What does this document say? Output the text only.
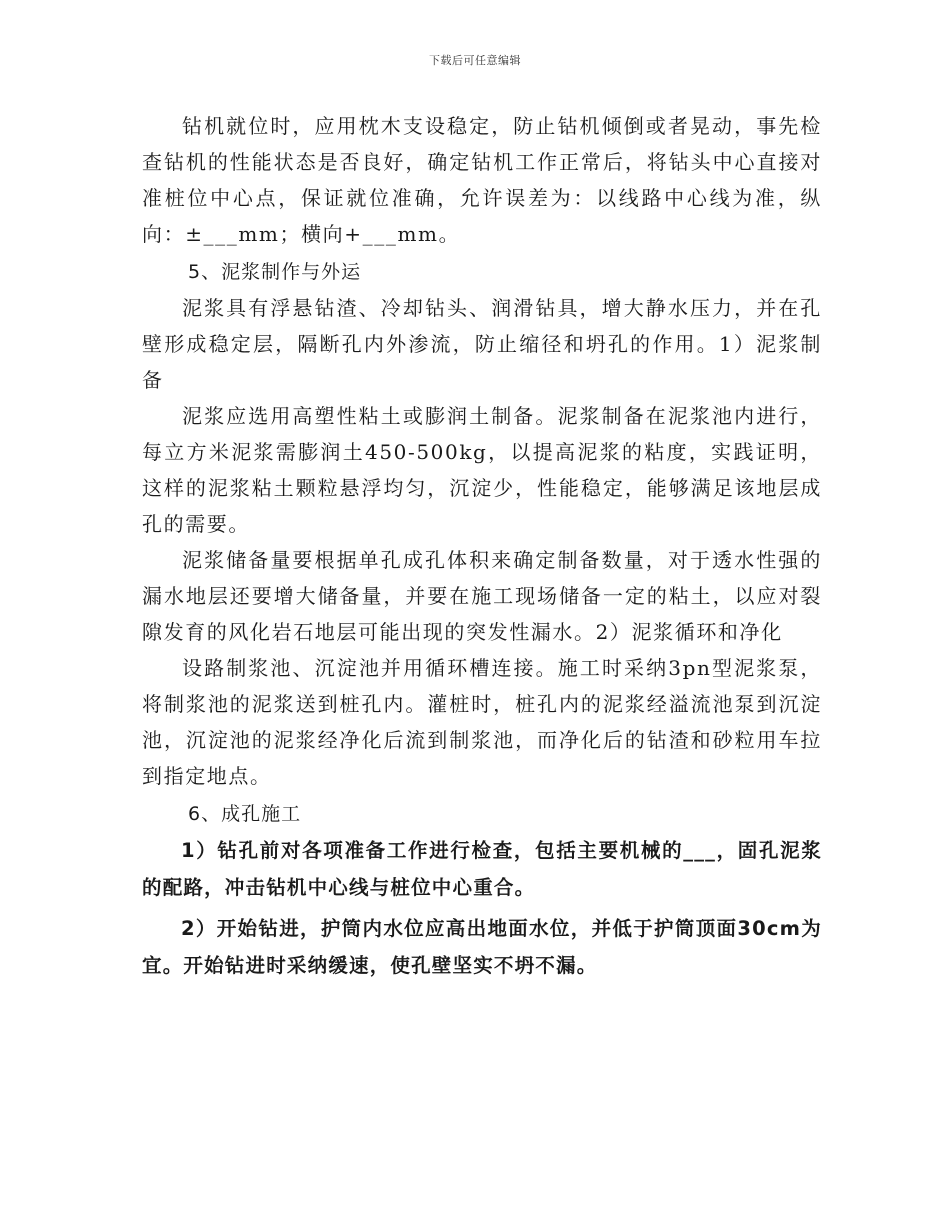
下载后可任意编辑

钻机就位时，应用枕木支设稳定，防止钻机倾倒或者晃动，事先检查钻机的性能状态是否良好，确定钻机工作正常后，将钻头中心直接对准桩位中心点，保证就位准确，允许误差为：以线路中心线为准，纵向：±___mm；横向+___mm。

5、泥浆制作与外运

泥浆具有浮悬钻渣、冷却钻头、润滑钻具，增大静水压力，并在孔壁形成稳定层，隔断孔内外渗流，防止缩径和坍孔的作用。1）泥浆制备

泥浆应选用高塑性粘土或膨润土制备。泥浆制备在泥浆池内进行，每立方米泥浆需膨润土450-500kg，以提高泥浆的粘度，实践证明，这样的泥浆粘土颗粒悬浮均匀，沉淀少，性能稳定，能够满足该地层成孔的需要。

泥浆储备量要根据单孔成孔体积来确定制备数量，对于透水性强的漏水地层还要增大储备量，并要在施工现场储备一定的粘土，以应对裂隙发育的风化岩石地层可能出现的突发性漏水。2）泥浆循环和净化

设路制浆池、沉淀池并用循环槽连接。施工时采纳3pn型泥浆泵，将制浆池的泥浆送到桩孔内。灌桩时，桩孔内的泥浆经溢流池泵到沉淀池，沉淀池的泥浆经净化后流到制浆池，而净化后的钻渣和砂粒用车拉到指定地点。

6、成孔施工

1）钻孔前对各项准备工作进行检查，包括主要机械的___，固孔泥浆的配路，冲击钻机中心线与桩位中心重合。

2）开始钻进，护筒内水位应高出地面水位，并低于护筒顶面30cm为宜。开始钻进时采纳缓速，使孔壁坚实不坍不漏。
